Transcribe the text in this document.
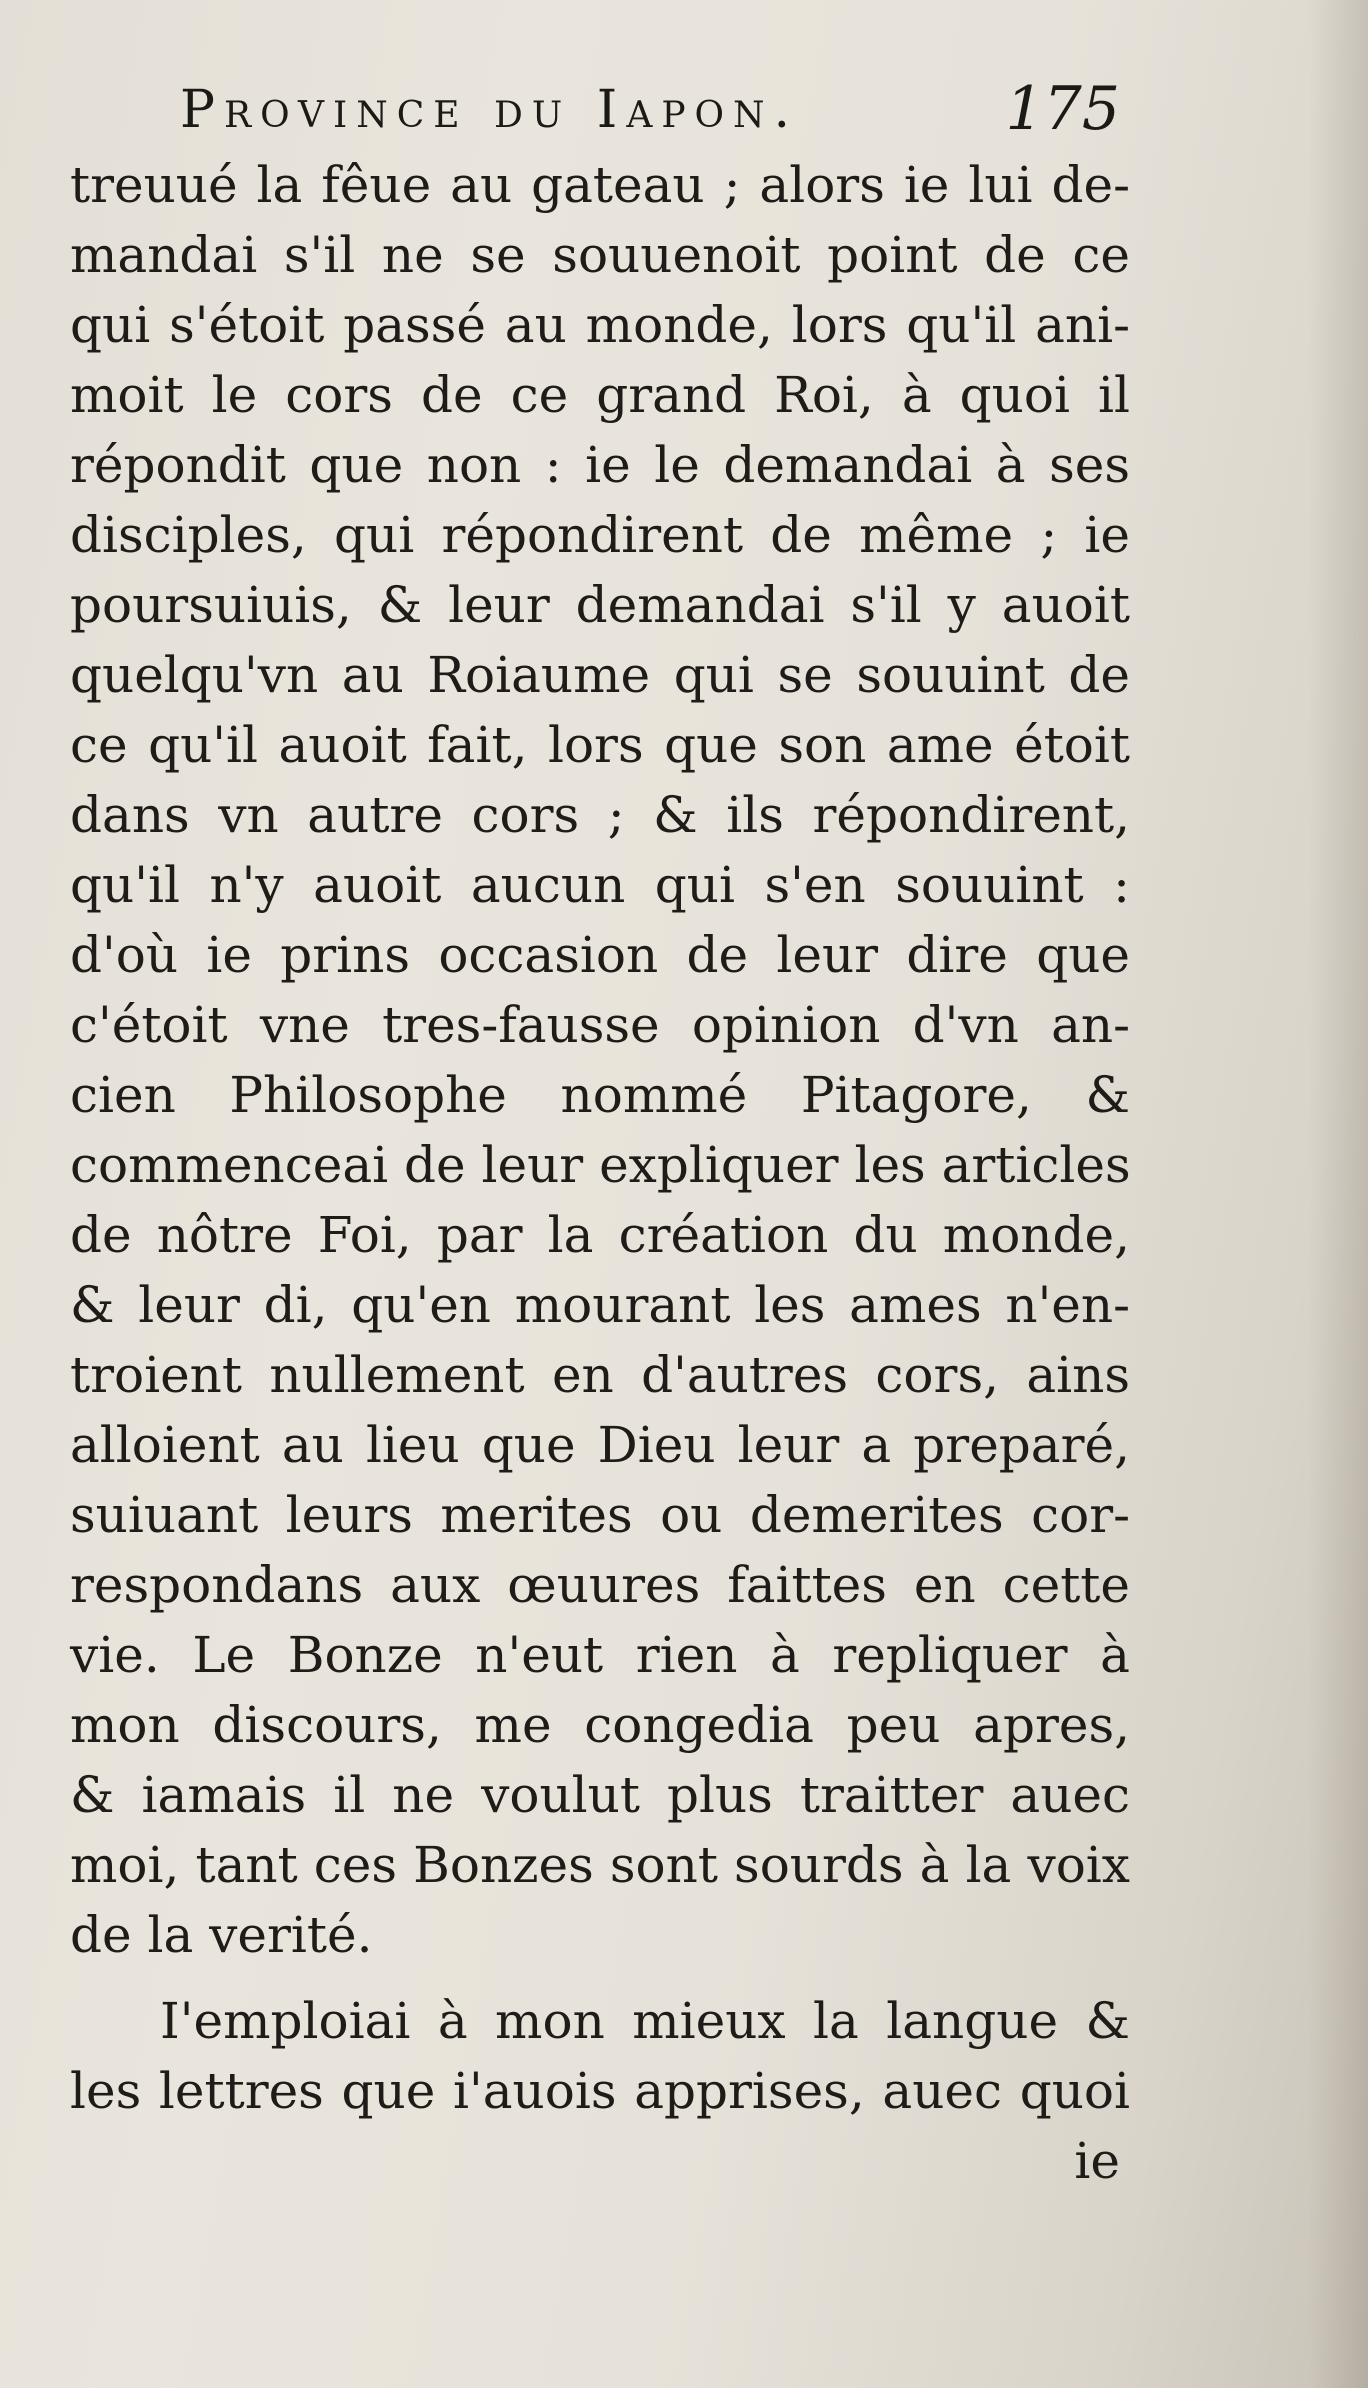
Province du Iapon.	175
treuué la fêue au gateau ; alors ie lui de-
mandai s'il ne se souuenoit point de ce
qui s'étoit passé au monde, lors qu'il ani-
moit le cors de ce grand Roi, à quoi il
répondit que non : ie le demandai à ses
disciples, qui répondirent de même ; ie
poursuiuis, & leur demandai s'il y auoit
quelqu'vn au Roiaume qui se souuint de
ce qu'il auoit fait, lors que son ame étoit
dans vn autre cors ; & ils répondirent,
qu'il n'y auoit aucun qui s'en souuint :
d'où ie prins occasion de leur dire que
c'étoit vne tres-fausse opinion d'vn an-
cien Philosophe nommé Pitagore, &
commenceai de leur expliquer les articles
de nôtre Foi, par la création du monde,
& leur di, qu'en mourant les ames n'en-
troient nullement en d'autres cors, ains
alloient au lieu que Dieu leur a preparé,
suiuant leurs merites ou demerites cor-
respondans aux œuures faittes en cette
vie. Le Bonze n'eut rien à repliquer à
mon discours, me congedia peu apres,
& iamais il ne voulut plus traitter auec
moi, tant ces Bonzes sont sourds à la voix
de la verité.
I'emploiai à mon mieux la langue &
les lettres que i'auois apprises, auec quoi
ie
